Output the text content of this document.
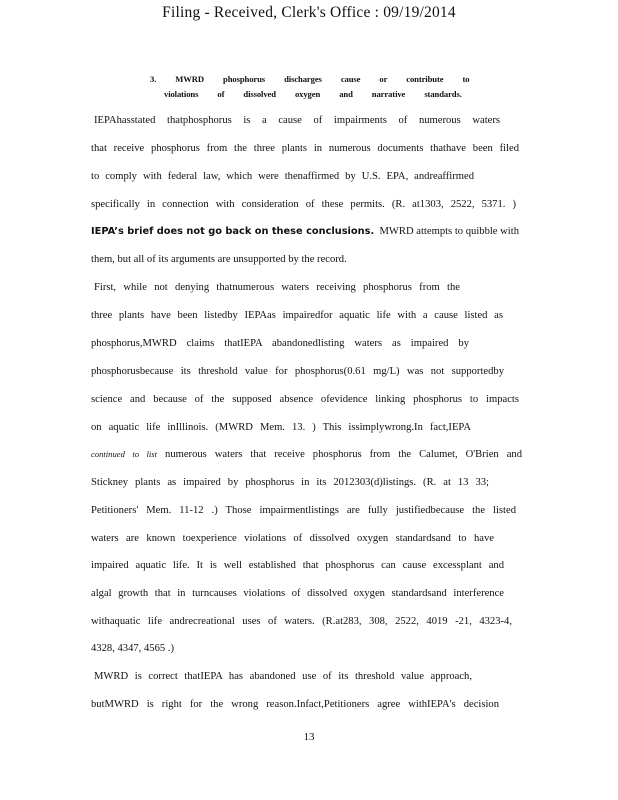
Filing - Received, Clerk's Office : 09/19/2014
3. MWRD phosphorus discharges cause or contribute to
violations of dissolved oxygen and narrative standards.
IEPAhasstated thatphosphorus is a cause of impairments of numerous waters
that receive phosphorus from the three plants in numerous documents thathave been filed
to comply with federal law, which were thenaffirmed by U.S. EPA, andreaffirmed
specifically in connection with consideration of these permits. (R. at1303, 2522, 5371. )
IEPA’s brief does not go back on these conclusions. MWRD attempts to quibble with
them, but all of its arguments are unsupported by the record.
First, while not denying thatnumerous waters receiving phosphorus from the
three plants have been listedby IEPAas impairedfor aquatic life with a cause listed as
phosphorus,MWRD claims thatIEPA abandonedlisting waters as impaired by
phosphorusbecause its threshold value for phosphorus(0.61 mg/L) was not supportedby
science and because of the supposed absence ofevidence linking phosphorus to impacts
on aquatic life inIllinois. (MWRD Mem. 13. ) This issimplywrong.In fact,IEPA
continued to list numerous waters that receive phosphorus from the Calumet, O'Brien and
Stickney plants as impaired by phosphorus in its 2012303(d)listings. (R. at 13 33;
Petitioners' Mem. 11-12 .) Those impairmentlistings are fully justifiedbecause the listed
waters are known toexperience violations of dissolved oxygen standardsand to have
impaired aquatic life. It is well established that phosphorus can cause excessplant and
algal growth that in turncauses violations of dissolved oxygen standardsand interference
withaquatic life andrecreational uses of waters. (R.at283, 308, 2522, 4019 -21, 4323-4,
4328, 4347, 4565 .)
MWRD is correct thatIEPA has abandoned use of its threshold value approach,
butMWRD is right for the wrong reason.Infact,Petitioners agree withIEPA's decision
13
